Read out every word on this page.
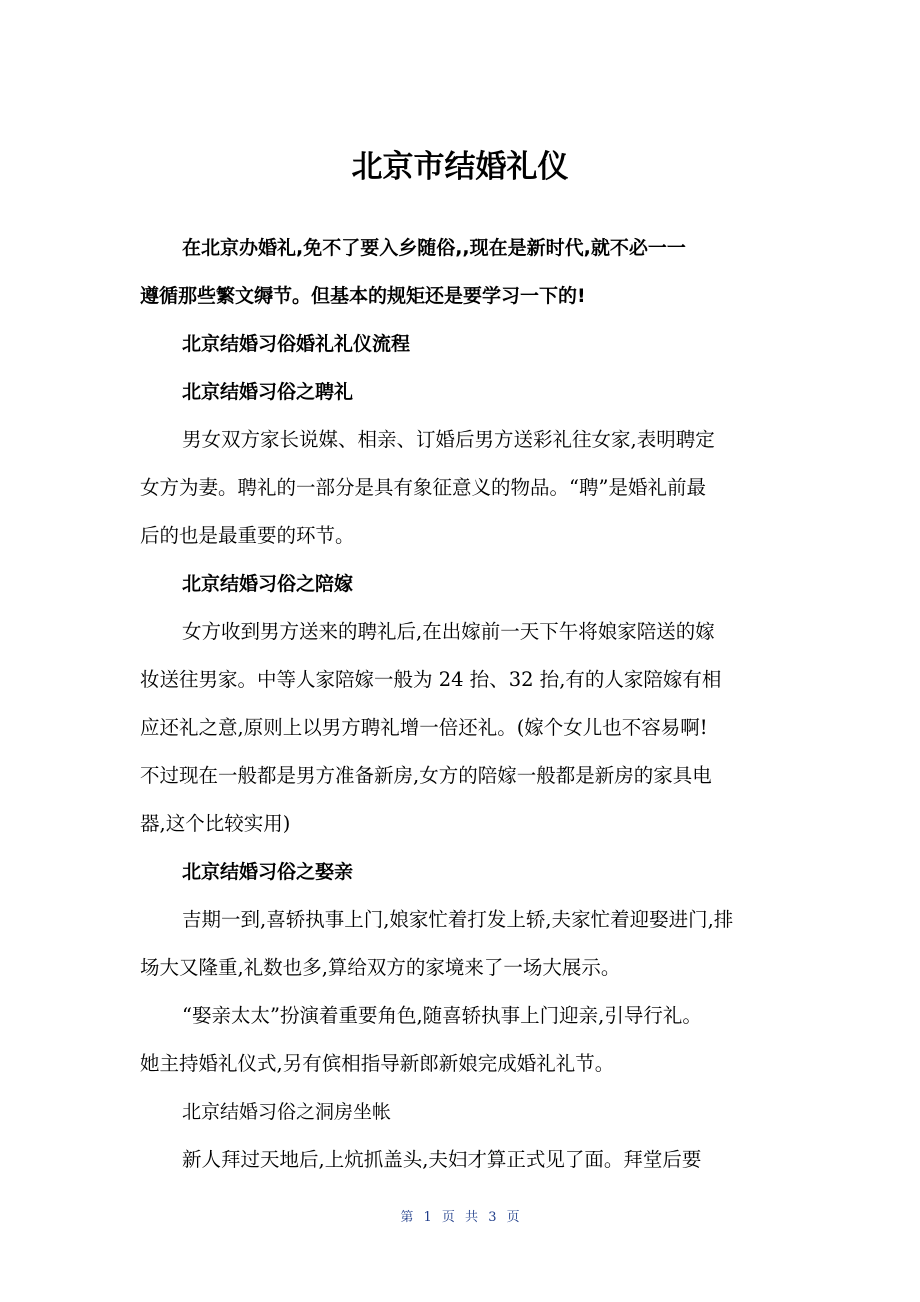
北京市结婚礼仪

在北京办婚礼,免不了要入乡随俗,,现在是新时代,就不必一一

遵循那些繁文缛节。但基本的规矩还是要学习一下的!

北京结婚习俗婚礼礼仪流程

北京结婚习俗之聘礼

男女双方家长说媒、相亲、订婚后男方送彩礼往女家,表明聘定

女方为妻。聘礼的一部分是具有象征意义的物品。“聘”是婚礼前最

后的也是最重要的环节。

北京结婚习俗之陪嫁

女方收到男方送来的聘礼后,在出嫁前一天下午将娘家陪送的嫁

妆送往男家。中等人家陪嫁一般为 24 抬、32 抬,有的人家陪嫁有相

应还礼之意,原则上以男方聘礼增一倍还礼。(嫁个女儿也不容易啊!

不过现在一般都是男方准备新房,女方的陪嫁一般都是新房的家具电

器,这个比较实用)

北京结婚习俗之娶亲

吉期一到,喜轿执事上门,娘家忙着打发上轿,夫家忙着迎娶进门,排

场大又隆重,礼数也多,算给双方的家境来了一场大展示。

“娶亲太太”扮演着重要角色,随喜轿执事上门迎亲,引导行礼。

她主持婚礼仪式,另有傧相指导新郎新娘完成婚礼礼节。

北京结婚习俗之洞房坐帐

新人拜过天地后,上炕抓盖头,夫妇才算正式见了面。拜堂后要

第 1 页 共 3 页
